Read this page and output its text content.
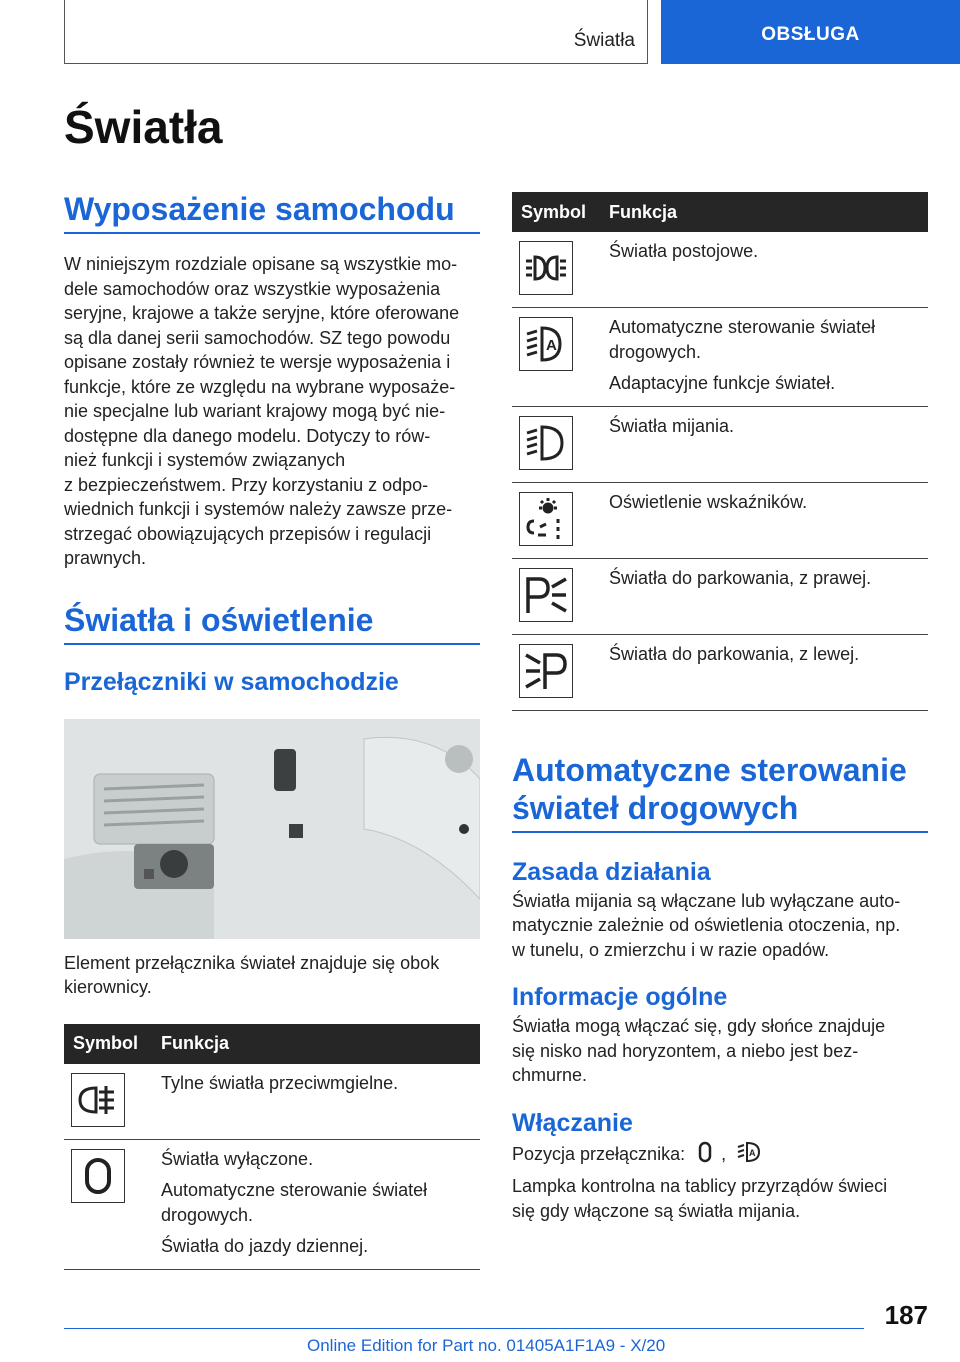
Światła	OBSŁUGA
Światła
Wyposażenie samochodu

W niniejszym rozdziale opisane są wszystkie mo‐
dele samochodów oraz wszystkie wyposażenia
seryjne, krajowe a także seryjne, które oferowane
są dla danej serii samochodów. SZ tego powodu
opisane zostały również te wersje wyposażenia i
funkcje, które ze względu na wybrane wyposaże‐
nie specjalne lub wariant krajowy mogą być nie‐
dostępne dla danego modelu. Dotyczy to rów‐
nież funkcji i systemów związanych
z bezpieczeństwem. Przy korzystaniu z odpo‐
wiednich funkcji i systemów należy zawsze prze‐
strzegać obowiązujących przepisów i regulacji
prawnych.

Światła i oświetlenie
Przełączniki w samochodzie

Element przełącznika świateł znajduje się obok
kierownicy.

Symbol	Funkcja

Tylne światła przeciwmgielne.

Światła wyłączone.
Automatyczne sterowanie świateł
drogowych.
Światła do jazdy dziennej.
Symbol	Funkcja

Światła postojowe.

A	Automatyczne sterowanie świateł
drogowych.
Adaptacyjne funkcje świateł.

Światła mijania.

Oświetlenie wskaźników.

Światła do parkowania, z prawej.

Światła do parkowania, z lewej.
Automatyczne sterowanie
świateł drogowych
Zasada działania

Światła mijania są włączane lub wyłączane auto‐
matycznie zależnie od oświetlenia otoczenia, np.
w tunelu, o zmierzchu i w razie opadów.

Informacje ogólne

Światła mogą włączać się, gdy słońce znajduje
się nisko nad horyzontem, a niebo jest bez‐
chmurne.

Włączanie

Pozycja przełącznika: ,	A

Lampka kontrolna na tablicy przyrządów świeci
się gdy włączone są światła mijania.

187
Online Edition for Part no. 01405A1F1A9 - X/20
